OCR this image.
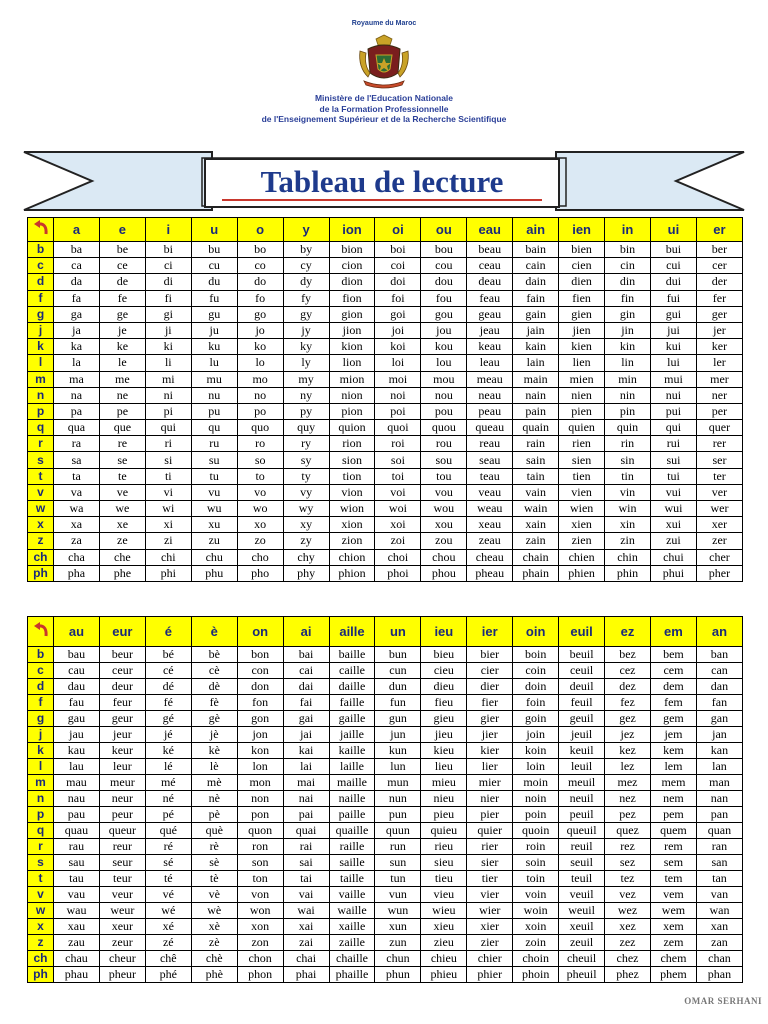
Royaume du Maroc
Ministère de l'Education Nationale
de la Formation Professionnelle
de l'Enseignement Supérieur et de la Recherche Scientifique
Tableau de lecture
	a	e	i	u	o	y	ion	oi	ou	eau	ain	ien	in	ui	er
b	ba	be	bi	bu	bo	by	bion	boi	bou	beau	bain	bien	bin	bui	ber
c	ca	ce	ci	cu	co	cy	cion	coi	cou	ceau	cain	cien	cin	cui	cer
d	da	de	di	du	do	dy	dion	doi	dou	deau	dain	dien	din	dui	der
f	fa	fe	fi	fu	fo	fy	fion	foi	fou	feau	fain	fien	fin	fui	fer
g	ga	ge	gi	gu	go	gy	gion	goi	gou	geau	gain	gien	gin	gui	ger
j	ja	je	ji	ju	jo	jy	jion	joi	jou	jeau	jain	jien	jin	jui	jer
k	ka	ke	ki	ku	ko	ky	kion	koi	kou	keau	kain	kien	kin	kui	ker
l	la	le	li	lu	lo	ly	lion	loi	lou	leau	lain	lien	lin	lui	ler
m	ma	me	mi	mu	mo	my	mion	moi	mou	meau	main	mien	min	mui	mer
n	na	ne	ni	nu	no	ny	nion	noi	nou	neau	nain	nien	nin	nui	ner
p	pa	pe	pi	pu	po	py	pion	poi	pou	peau	pain	pien	pin	pui	per
q	qua	que	qui	qu	quo	quy	quion	quoi	quou	queau	quain	quien	quin	qui	quer
r	ra	re	ri	ru	ro	ry	rion	roi	rou	reau	rain	rien	rin	rui	rer
s	sa	se	si	su	so	sy	sion	soi	sou	seau	sain	sien	sin	sui	ser
t	ta	te	ti	tu	to	ty	tion	toi	tou	teau	tain	tien	tin	tui	ter
v	va	ve	vi	vu	vo	vy	vion	voi	vou	veau	vain	vien	vin	vui	ver
w	wa	we	wi	wu	wo	wy	wion	woi	wou	weau	wain	wien	win	wui	wer
x	xa	xe	xi	xu	xo	xy	xion	xoi	xou	xeau	xain	xien	xin	xui	xer
z	za	ze	zi	zu	zo	zy	zion	zoi	zou	zeau	zain	zien	zin	zui	zer
ch	cha	che	chi	chu	cho	chy	chion	choi	chou	cheau	chain	chien	chin	chui	cher
ph	pha	phe	phi	phu	pho	phy	phion	phoi	phou	pheau	phain	phien	phin	phui	pher
	au	eur	é	è	on	ai	aille	un	ieu	ier	oin	euil	ez	em	an
b	bau	beur	bé	bè	bon	bai	baille	bun	bieu	bier	boin	beuil	bez	bem	ban
c	cau	ceur	cé	cè	con	cai	caille	cun	cieu	cier	coin	ceuil	cez	cem	can
d	dau	deur	dé	dè	don	dai	daille	dun	dieu	dier	doin	deuil	dez	dem	dan
f	fau	feur	fé	fè	fon	fai	faille	fun	fieu	fier	foin	feuil	fez	fem	fan
g	gau	geur	gé	gè	gon	gai	gaille	gun	gieu	gier	goin	geuil	gez	gem	gan
j	jau	jeur	jé	jè	jon	jai	jaille	jun	jieu	jier	join	jeuil	jez	jem	jan
k	kau	keur	ké	kè	kon	kai	kaille	kun	kieu	kier	koin	keuil	kez	kem	kan
l	lau	leur	lé	lè	lon	lai	laille	lun	lieu	lier	loin	leuil	lez	lem	lan
m	mau	meur	mé	mè	mon	mai	maille	mun	mieu	mier	moin	meuil	mez	mem	man
n	nau	neur	né	nè	non	nai	naille	nun	nieu	nier	noin	neuil	nez	nem	nan
p	pau	peur	pé	pè	pon	pai	paille	pun	pieu	pier	poin	peuil	pez	pem	pan
q	quau	queur	qué	què	quon	quai	quaille	quun	quieu	quier	quoin	queuil	quez	quem	quan
r	rau	reur	ré	rè	ron	rai	raille	run	rieu	rier	roin	reuil	rez	rem	ran
s	sau	seur	sé	sè	son	sai	saille	sun	sieu	sier	soin	seuil	sez	sem	san
t	tau	teur	té	tè	ton	tai	taille	tun	tieu	tier	toin	teuil	tez	tem	tan
v	vau	veur	vé	vè	von	vai	vaille	vun	vieu	vier	voin	veuil	vez	vem	van
w	wau	weur	wé	wè	won	wai	waille	wun	wieu	wier	woin	weuil	wez	wem	wan
x	xau	xeur	xé	xè	xon	xai	xaille	xun	xieu	xier	xoin	xeuil	xez	xem	xan
z	zau	zeur	zé	zè	zon	zai	zaille	zun	zieu	zier	zoin	zeuil	zez	zem	zan
ch	chau	cheur	chê	chè	chon	chai	chaille	chun	chieu	chier	choin	cheuil	chez	chem	chan
ph	phau	pheur	phé	phè	phon	phai	phaille	phun	phieu	phier	phoin	pheuil	phez	phem	phan
OMAR SERHANI
